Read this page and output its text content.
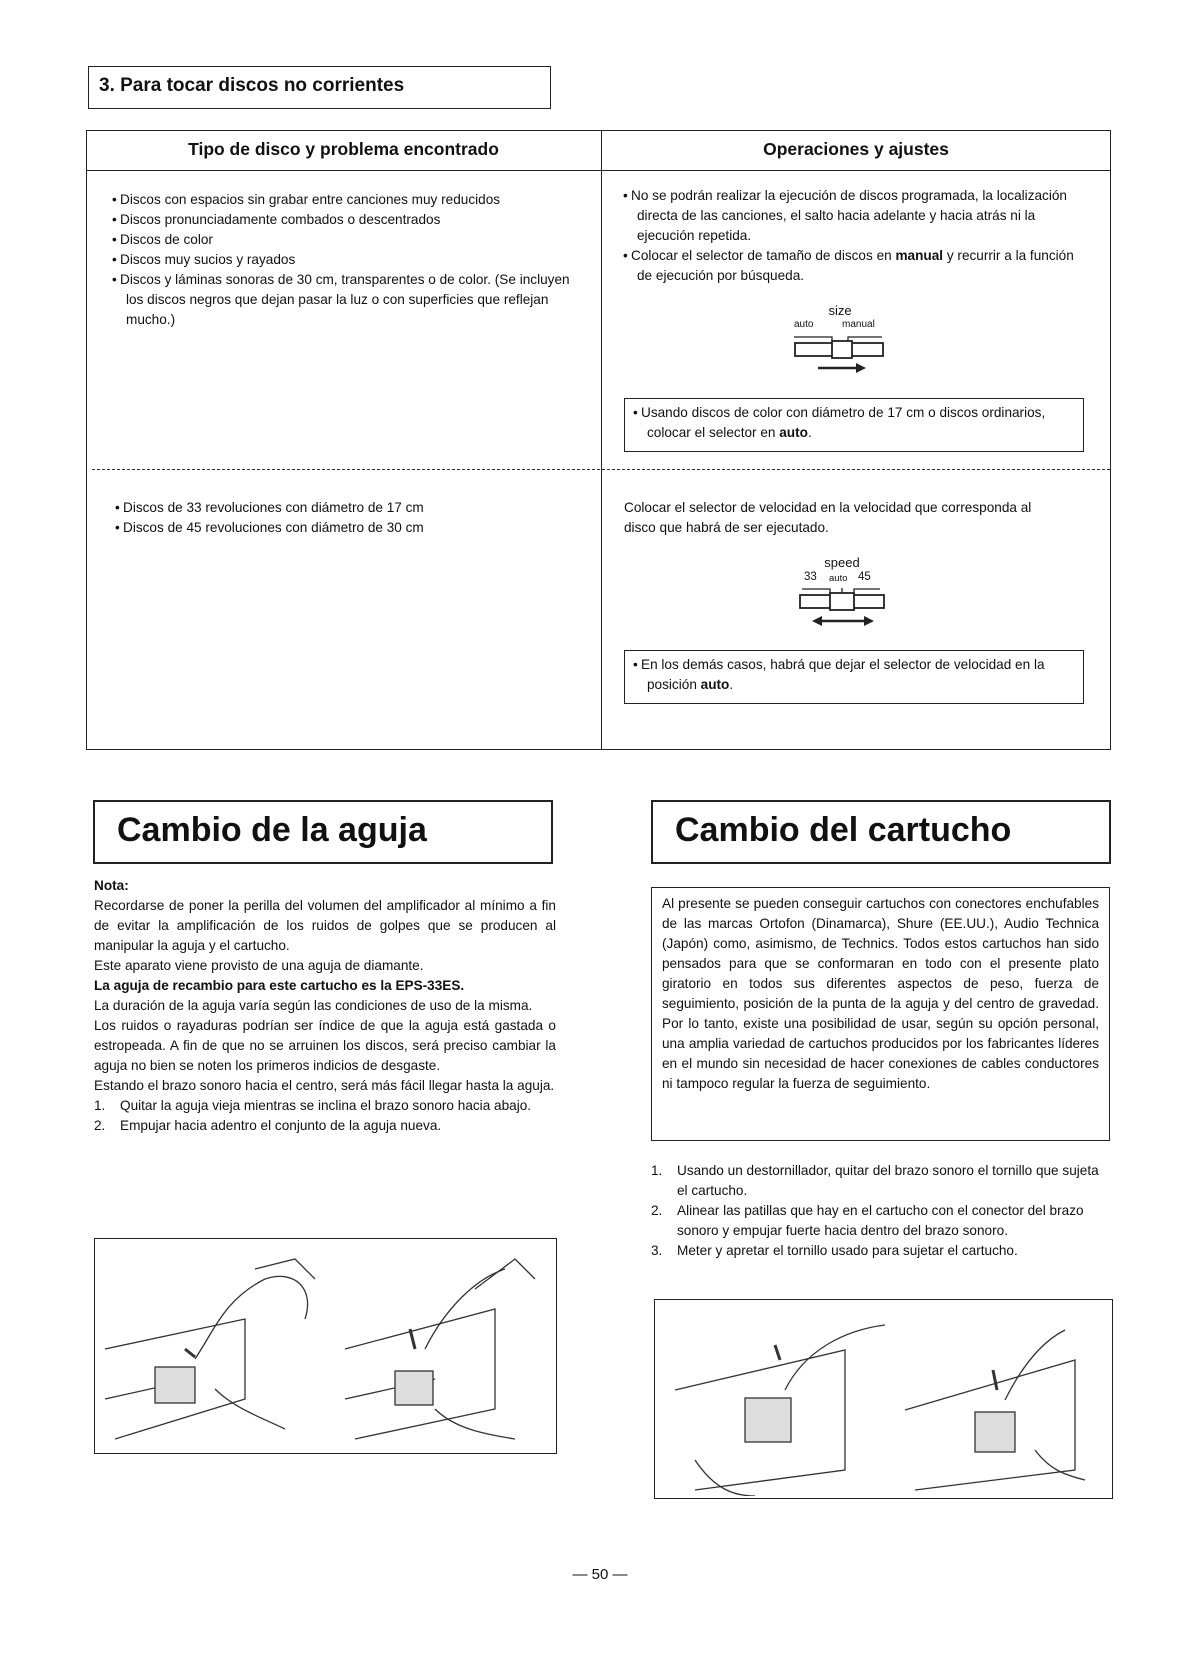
3. Para tocar discos no corrientes
Tipo de disco y problema encontrado	Operaciones y ajustes
• Discos con espacios sin grabar entre canciones muy reducidos
• Discos pronunciadamente combados o descentrados
• Discos de color
• Discos muy sucios y rayados
• Discos y láminas sonoras de 30 cm, transparentes o de color. (Se incluyen los discos negros que dejan pasar la luz o con superficies que reflejan mucho.)
• No se podrán realizar la ejecución de discos programada, la localización directa de las canciones, el salto hacia adelante y hacia atrás ni la ejecución repetida.
• Colocar el selector de tamaño de discos en manual y recurrir a la función de ejecución por búsqueda.
size
auto	manual
• Usando discos de color con diámetro de 17 cm o discos ordinarios, colocar el selector en auto.
• Discos de 33 revoluciones con diámetro de 17 cm
• Discos de 45 revoluciones con diámetro de 30 cm
Colocar el selector de velocidad en la velocidad que corresponda al disco que habrá de ser ejecutado.
speed
33 auto 45
• En los demás casos, habrá que dejar el selector de velocidad en la posición auto.
Cambio de la aguja	Cambio del cartucho
Nota:
Recordarse de poner la perilla del volumen del amplificador al mínimo a fin de evitar la amplificación de los ruidos de golpes que se producen al manipular la aguja y el cartucho.
Este aparato viene provisto de una aguja de diamante.
La aguja de recambio para este cartucho es la EPS-33ES.
La duración de la aguja varía según las condiciones de uso de la misma.
Los ruidos o rayaduras podrían ser índice de que la aguja está gastada o estropeada. A fin de que no se arruinen los discos, será preciso cambiar la aguja no bien se noten los primeros indicios de desgaste.
Estando el brazo sonoro hacia el centro, será más fácil llegar hasta la aguja.
1. Quitar la aguja vieja mientras se inclina el brazo sonoro hacia abajo.
2. Empujar hacia adentro el conjunto de la aguja nueva.
Al presente se pueden conseguir cartuchos con conectores enchufables de las marcas Ortofon (Dinamarca), Shure (EE.UU.), Audio Technica (Japón) como, asimismo, de Technics. Todos estos cartuchos han sido pensados para que se conformaran en todo con el presente plato giratorio en todos sus diferentes aspectos de peso, fuerza de seguimiento, posición de la punta de la aguja y del centro de gravedad. Por lo tanto, existe una posibilidad de usar, según su opción personal, una amplia variedad de cartuchos producidos por los fabricantes líderes en el mundo sin necesidad de hacer conexiones de cables conductores ni tampoco regular la fuerza de seguimiento.
1. Usando un destornillador, quitar del brazo sonoro el tornillo que sujeta el cartucho.
2. Alinear las patillas que hay en el cartucho con el conector del brazo sonoro y empujar fuerte hacia dentro del brazo sonoro.
3. Meter y apretar el tornillo usado para sujetar el cartucho.
— 50 —
